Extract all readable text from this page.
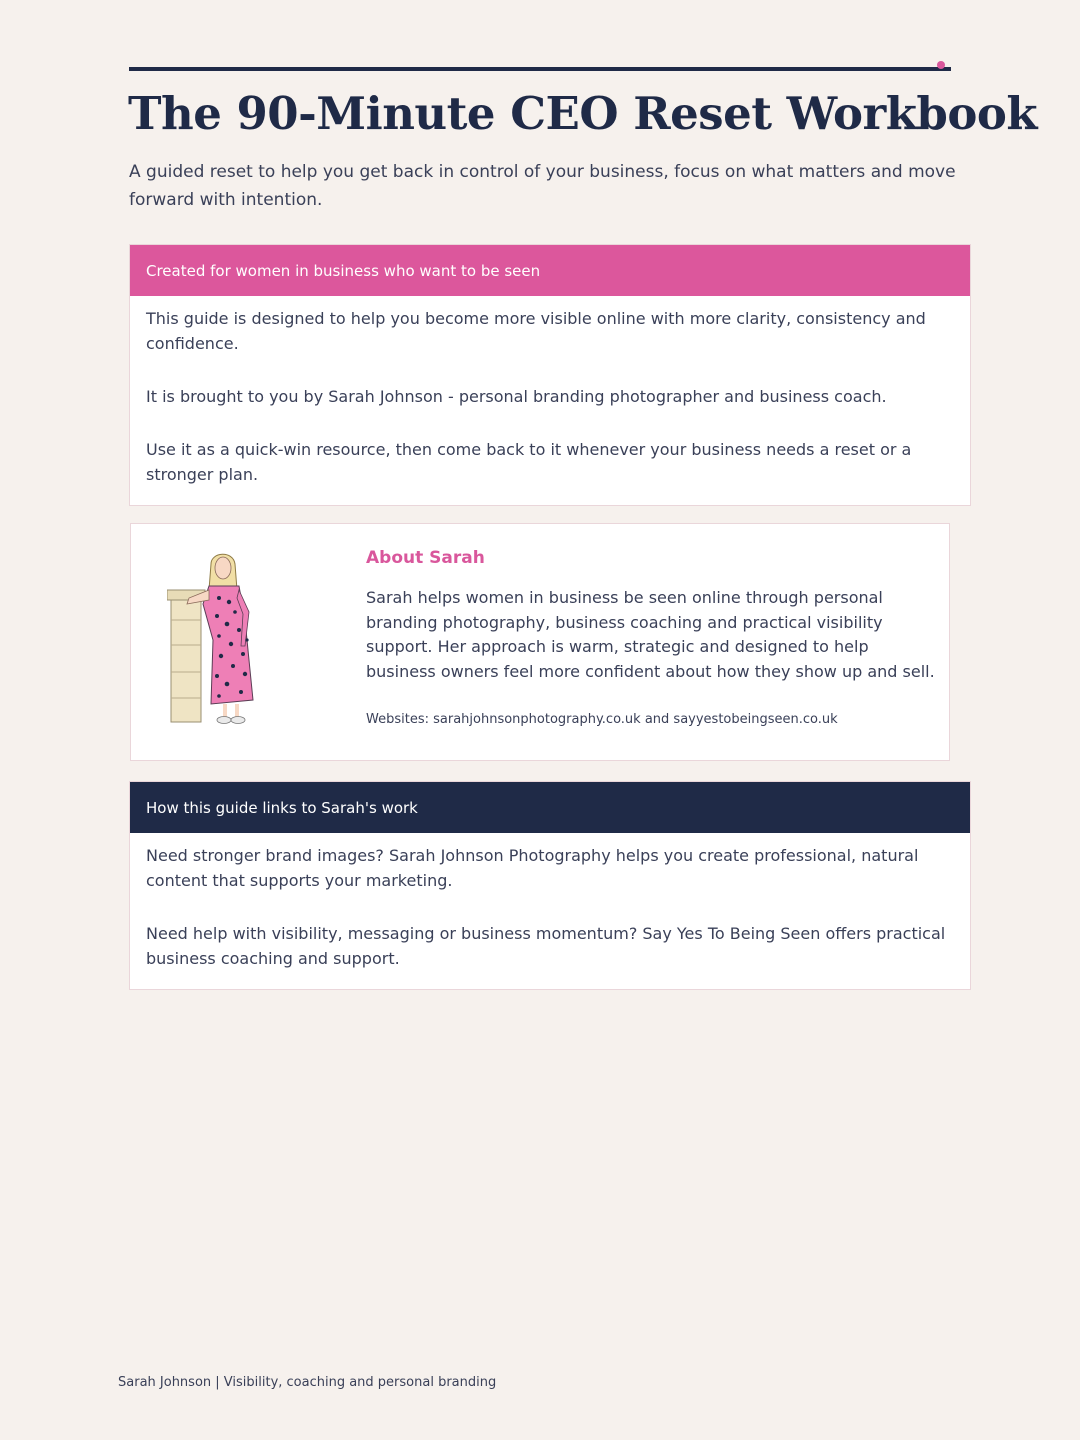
The 90-Minute CEO Reset Workbook

A guided reset to help you get back in control of your business, focus on what matters and move forward with intention.

Created for women in business who want to be seen

This guide is designed to help you become more visible online with more clarity, consistency and confidence.

It is brought to you by Sarah Johnson - personal branding photographer and business coach.

Use it as a quick-win resource, then come back to it whenever your business needs a reset or a stronger plan.

About Sarah

Sarah helps women in business be seen online through personal branding photography, business coaching and practical visibility support. Her approach is warm, strategic and designed to help business owners feel more confident about how they show up and sell.

Websites: sarahjohnsonphotography.co.uk and sayyestobeingseen.co.uk

How this guide links to Sarah's work

Need stronger brand images? Sarah Johnson Photography helps you create professional, natural content that supports your marketing.

Need help with visibility, messaging or business momentum? Say Yes To Being Seen offers practical business coaching and support.

Sarah Johnson | Visibility, coaching and personal branding
